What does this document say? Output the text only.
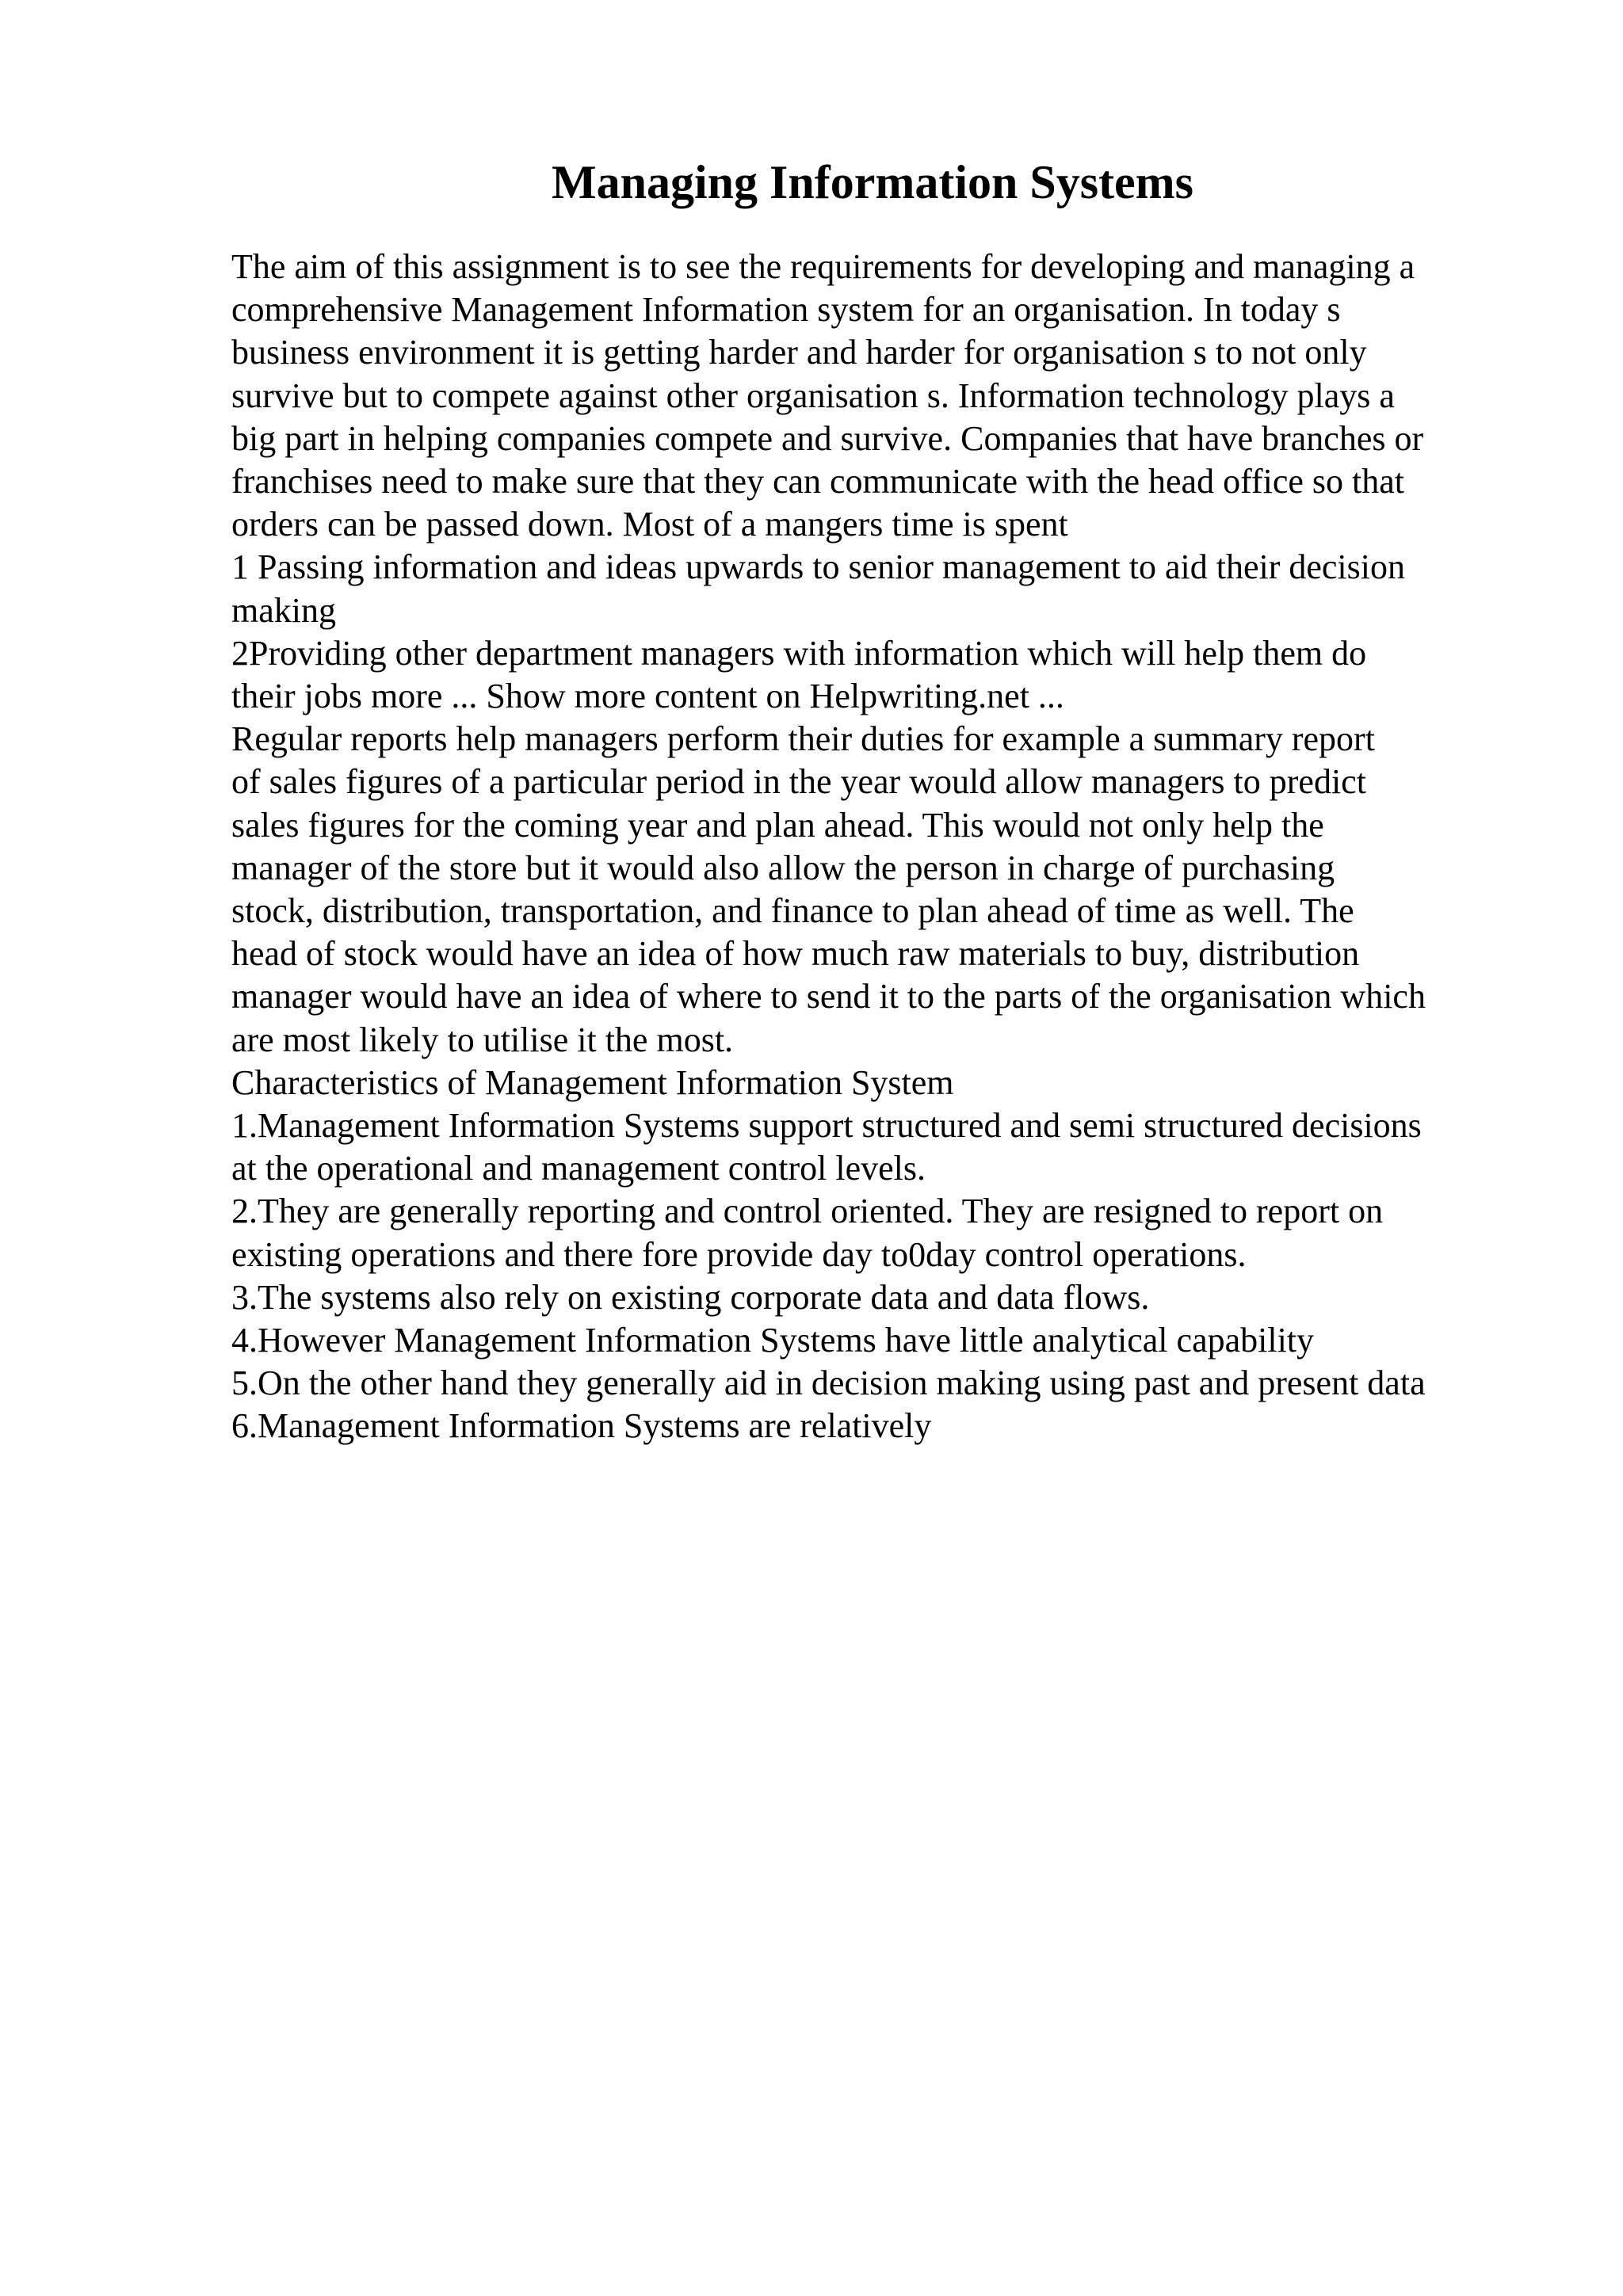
Managing Information Systems
The aim of this assignment is to see the requirements for developing and managing a
comprehensive Management Information system for an organisation. In today s
business environment it is getting harder and harder for organisation s to not only
survive but to compete against other organisation s. Information technology plays a
big part in helping companies compete and survive. Companies that have branches or
franchises need to make sure that they can communicate with the head office so that
orders can be passed down. Most of a mangers time is spent
1 Passing information and ideas upwards to senior management to aid their decision
making
2Providing other department managers with information which will help them do
their jobs more ... Show more content on Helpwriting.net ...
Regular reports help managers perform their duties for example a summary report
of sales figures of a particular period in the year would allow managers to predict
sales figures for the coming year and plan ahead. This would not only help the
manager of the store but it would also allow the person in charge of purchasing
stock, distribution, transportation, and finance to plan ahead of time as well. The
head of stock would have an idea of how much raw materials to buy, distribution
manager would have an idea of where to send it to the parts of the organisation which
are most likely to utilise it the most.
Characteristics of Management Information System
1.Management Information Systems support structured and semi structured decisions
at the operational and management control levels.
2.They are generally reporting and control oriented. They are resigned to report on
existing operations and there fore provide day to0day control operations.
3.The systems also rely on existing corporate data and data flows.
4.However Management Information Systems have little analytical capability
5.On the other hand they generally aid in decision making using past and present data
6.Management Information Systems are relatively
